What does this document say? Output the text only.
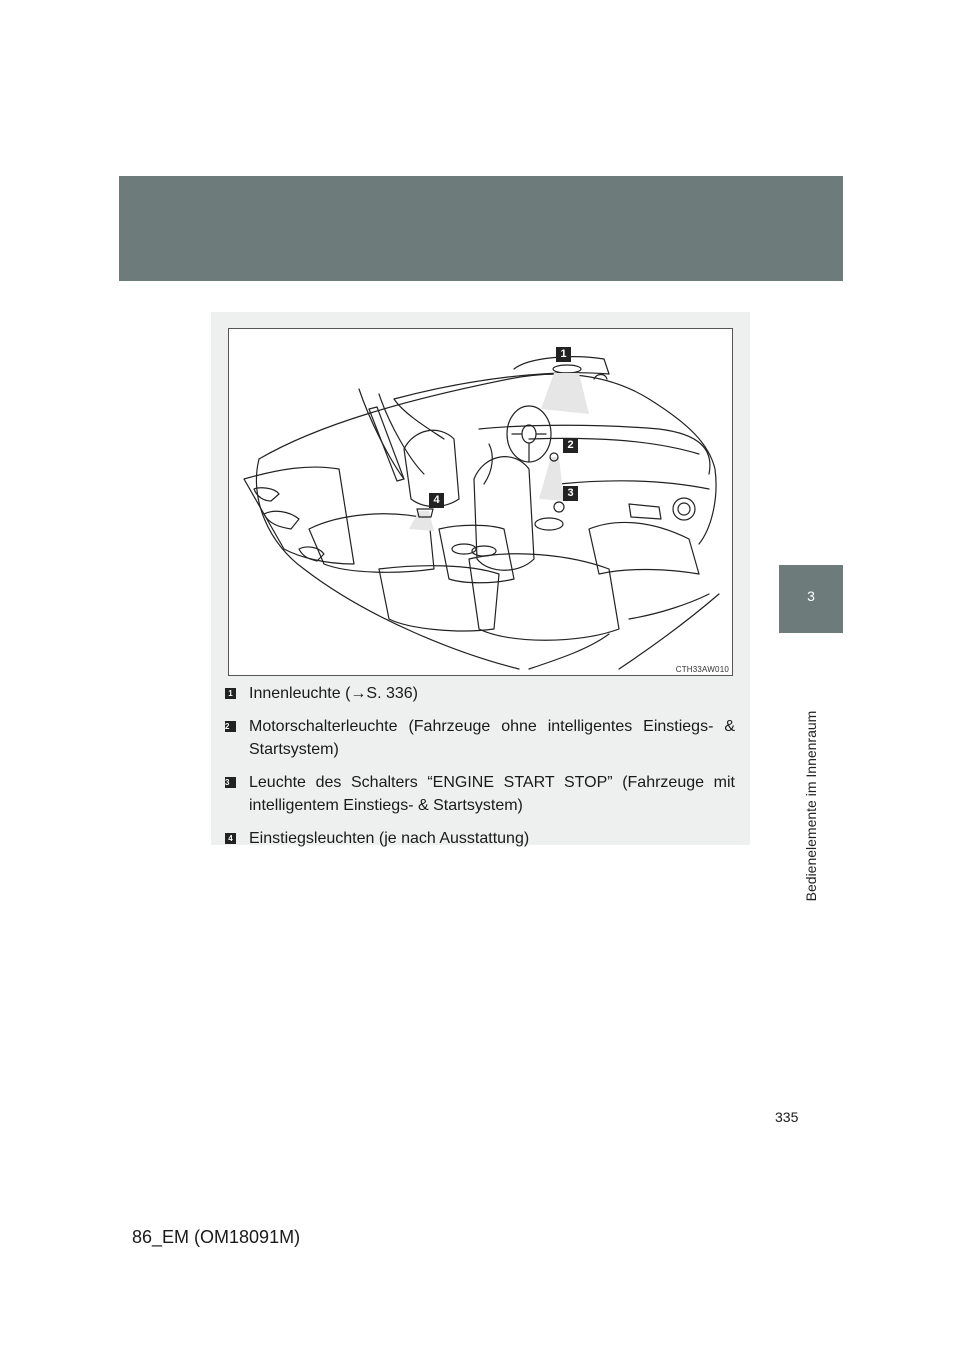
3
Bedienelemente im Innenraum
1
2
3
4
CTH33AW010
1 Innenleuchte (→S. 336)
2	Motorschalterleuchte (Fahrzeuge ohne intelligentes Einstiegs- & Startsystem)
3	Leuchte des Schalters “ENGINE START STOP” (Fahrzeuge mit intelligentem Einstiegs- & Startsystem)
4 Einstiegsleuchten (je nach Ausstattung)
335
86_EM (OM18091M)
